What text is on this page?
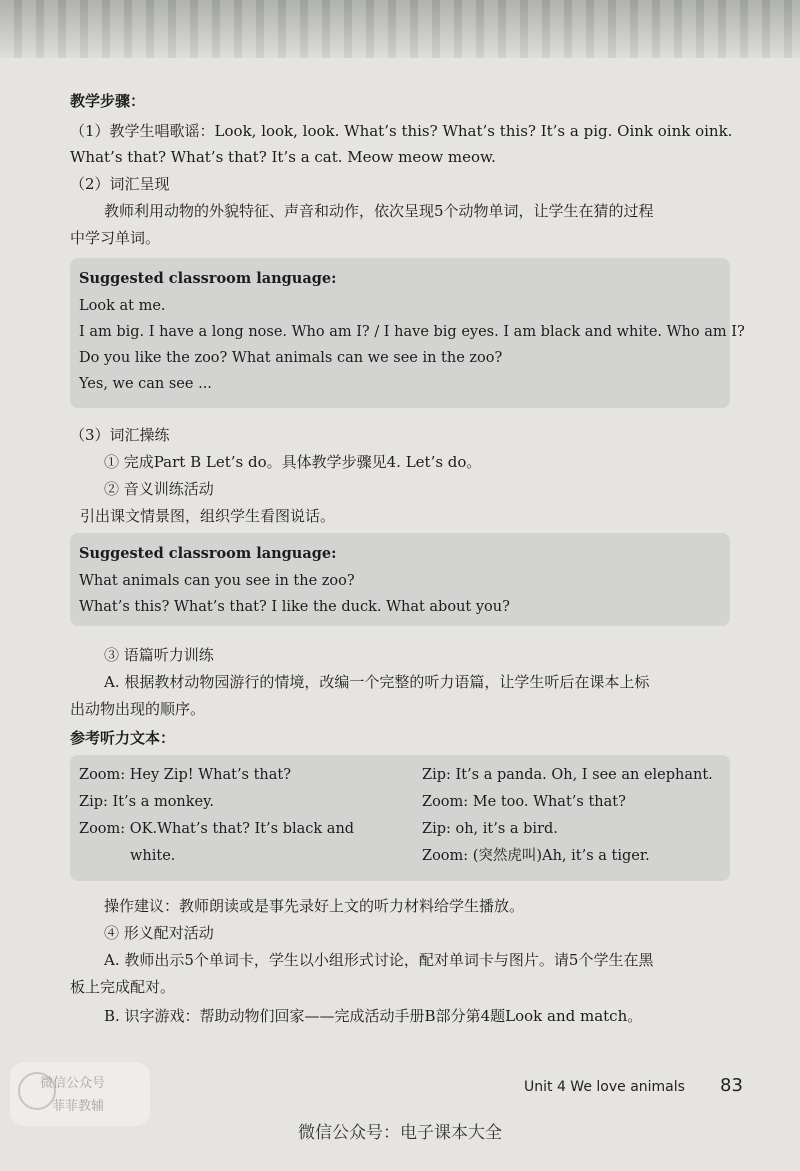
教学步骤：
（1）教学生唱歌谣：Look, look, look. What’s this? What’s this? It’s a pig. Oink oink oink.
What’s that? What’s that? It’s a cat. Meow meow meow.
（2）词汇呈现
教师利用动物的外貌特征、声音和动作，依次呈现5个动物单词，让学生在猜的过程
中学习单词。
Suggested classroom language:
Look at me.
I am big. I have a long nose. Who am I? / I have big eyes. I am black and white. Who am I?
Do you like the zoo? What animals can we see in the zoo?
Yes, we can see ...
（3）词汇操练
① 完成Part B Let’s do。具体教学步骤见4. Let’s do。
② 音义训练活动
引出课文情景图，组织学生看图说话。
Suggested classroom language:
What animals can you see in the zoo?
What’s this? What’s that? I like the duck. What about you?
③ 语篇听力训练
A. 根据教材动物园游行的情境，改编一个完整的听力语篇，让学生听后在课本上标
出动物出现的顺序。
参考听力文本：
Zoom: Hey Zip! What’s that?
Zip: It’s a monkey.
Zoom: OK.What’s that? It’s black and
white.
Zip: It’s a panda. Oh, I see an elephant.
Zoom: Me too. What’s that?
Zip: oh, it’s a bird.
Zoom: (突然虎叫)Ah, it’s a tiger.
操作建议：教师朗读或是事先录好上文的听力材料给学生播放。
④ 形义配对活动
A. 教师出示5个单词卡，学生以小组形式讨论，配对单词卡与图片。请5个学生在黑
板上完成配对。
B. 识字游戏：帮助动物们回家——完成活动手册B部分第4题Look and match。
微信公众号
菲菲教辅
Unit 4 We love animals 83
微信公众号：电子课本大全
